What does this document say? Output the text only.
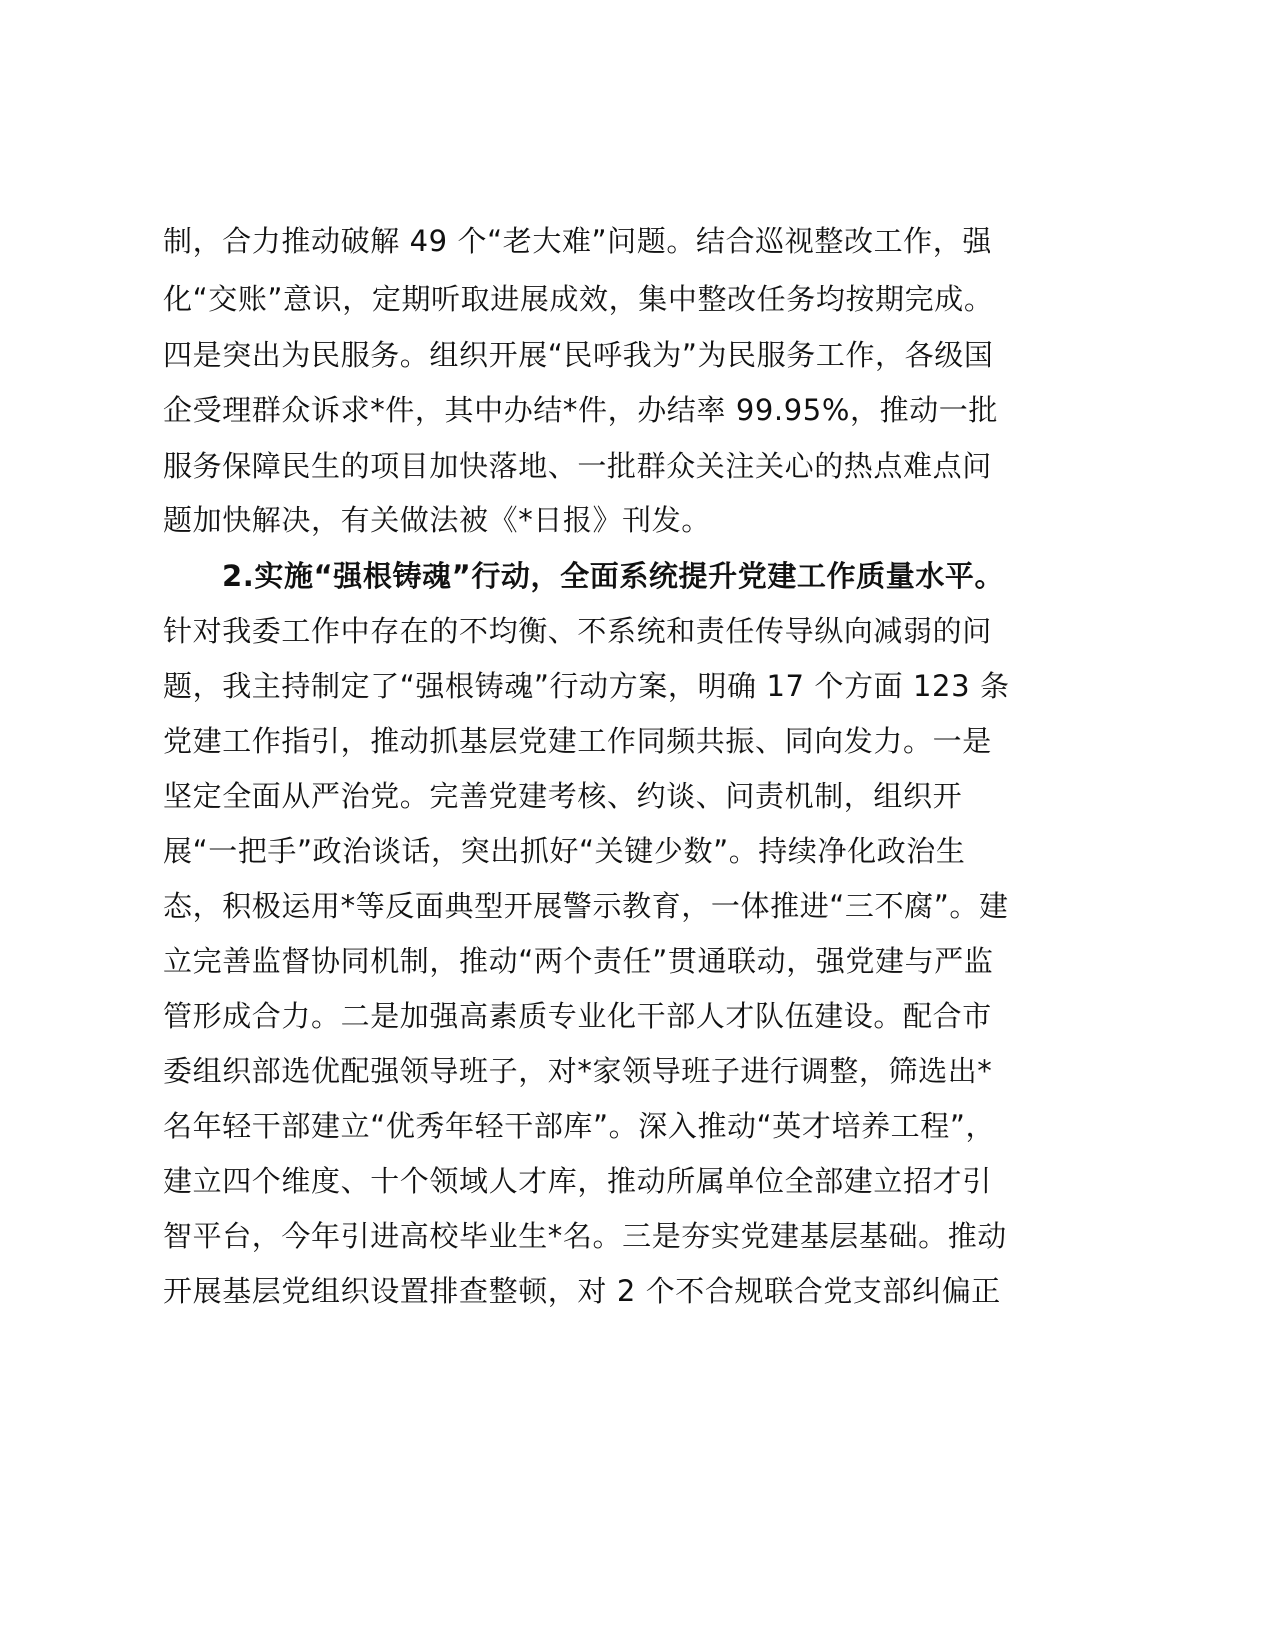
制，合力推动破解 49 个“老大难”问题。结合巡视整改工作，强
化“交账”意识，定期听取进展成效，集中整改任务均按期完成。
四是突出为民服务。组织开展“民呼我为”为民服务工作，各级国
企受理群众诉求*件，其中办结*件，办结率 99.95%，推动一批
服务保障民生的项目加快落地、一批群众关注关心的热点难点问
题加快解决，有关做法被《*日报》刊发。
2.实施“强根铸魂”行动，全面系统提升党建工作质量水平。
针对我委工作中存在的不均衡、不系统和责任传导纵向减弱的问
题，我主持制定了“强根铸魂”行动方案，明确 17 个方面 123 条
党建工作指引，推动抓基层党建工作同频共振、同向发力。一是
坚定全面从严治党。完善党建考核、约谈、问责机制，组织开
展“一把手”政治谈话，突出抓好“关键少数”。持续净化政治生
态，积极运用*等反面典型开展警示教育，一体推进“三不腐”。建
立完善监督协同机制，推动“两个责任”贯通联动，强党建与严监
管形成合力。二是加强高素质专业化干部人才队伍建设。配合市
委组织部选优配强领导班子，对*家领导班子进行调整，筛选出*
名年轻干部建立“优秀年轻干部库”。深入推动“英才培养工程”，
建立四个维度、十个领域人才库，推动所属单位全部建立招才引
智平台，今年引进高校毕业生*名。三是夯实党建基层基础。推动
开展基层党组织设置排查整顿，对 2 个不合规联合党支部纠偏正
